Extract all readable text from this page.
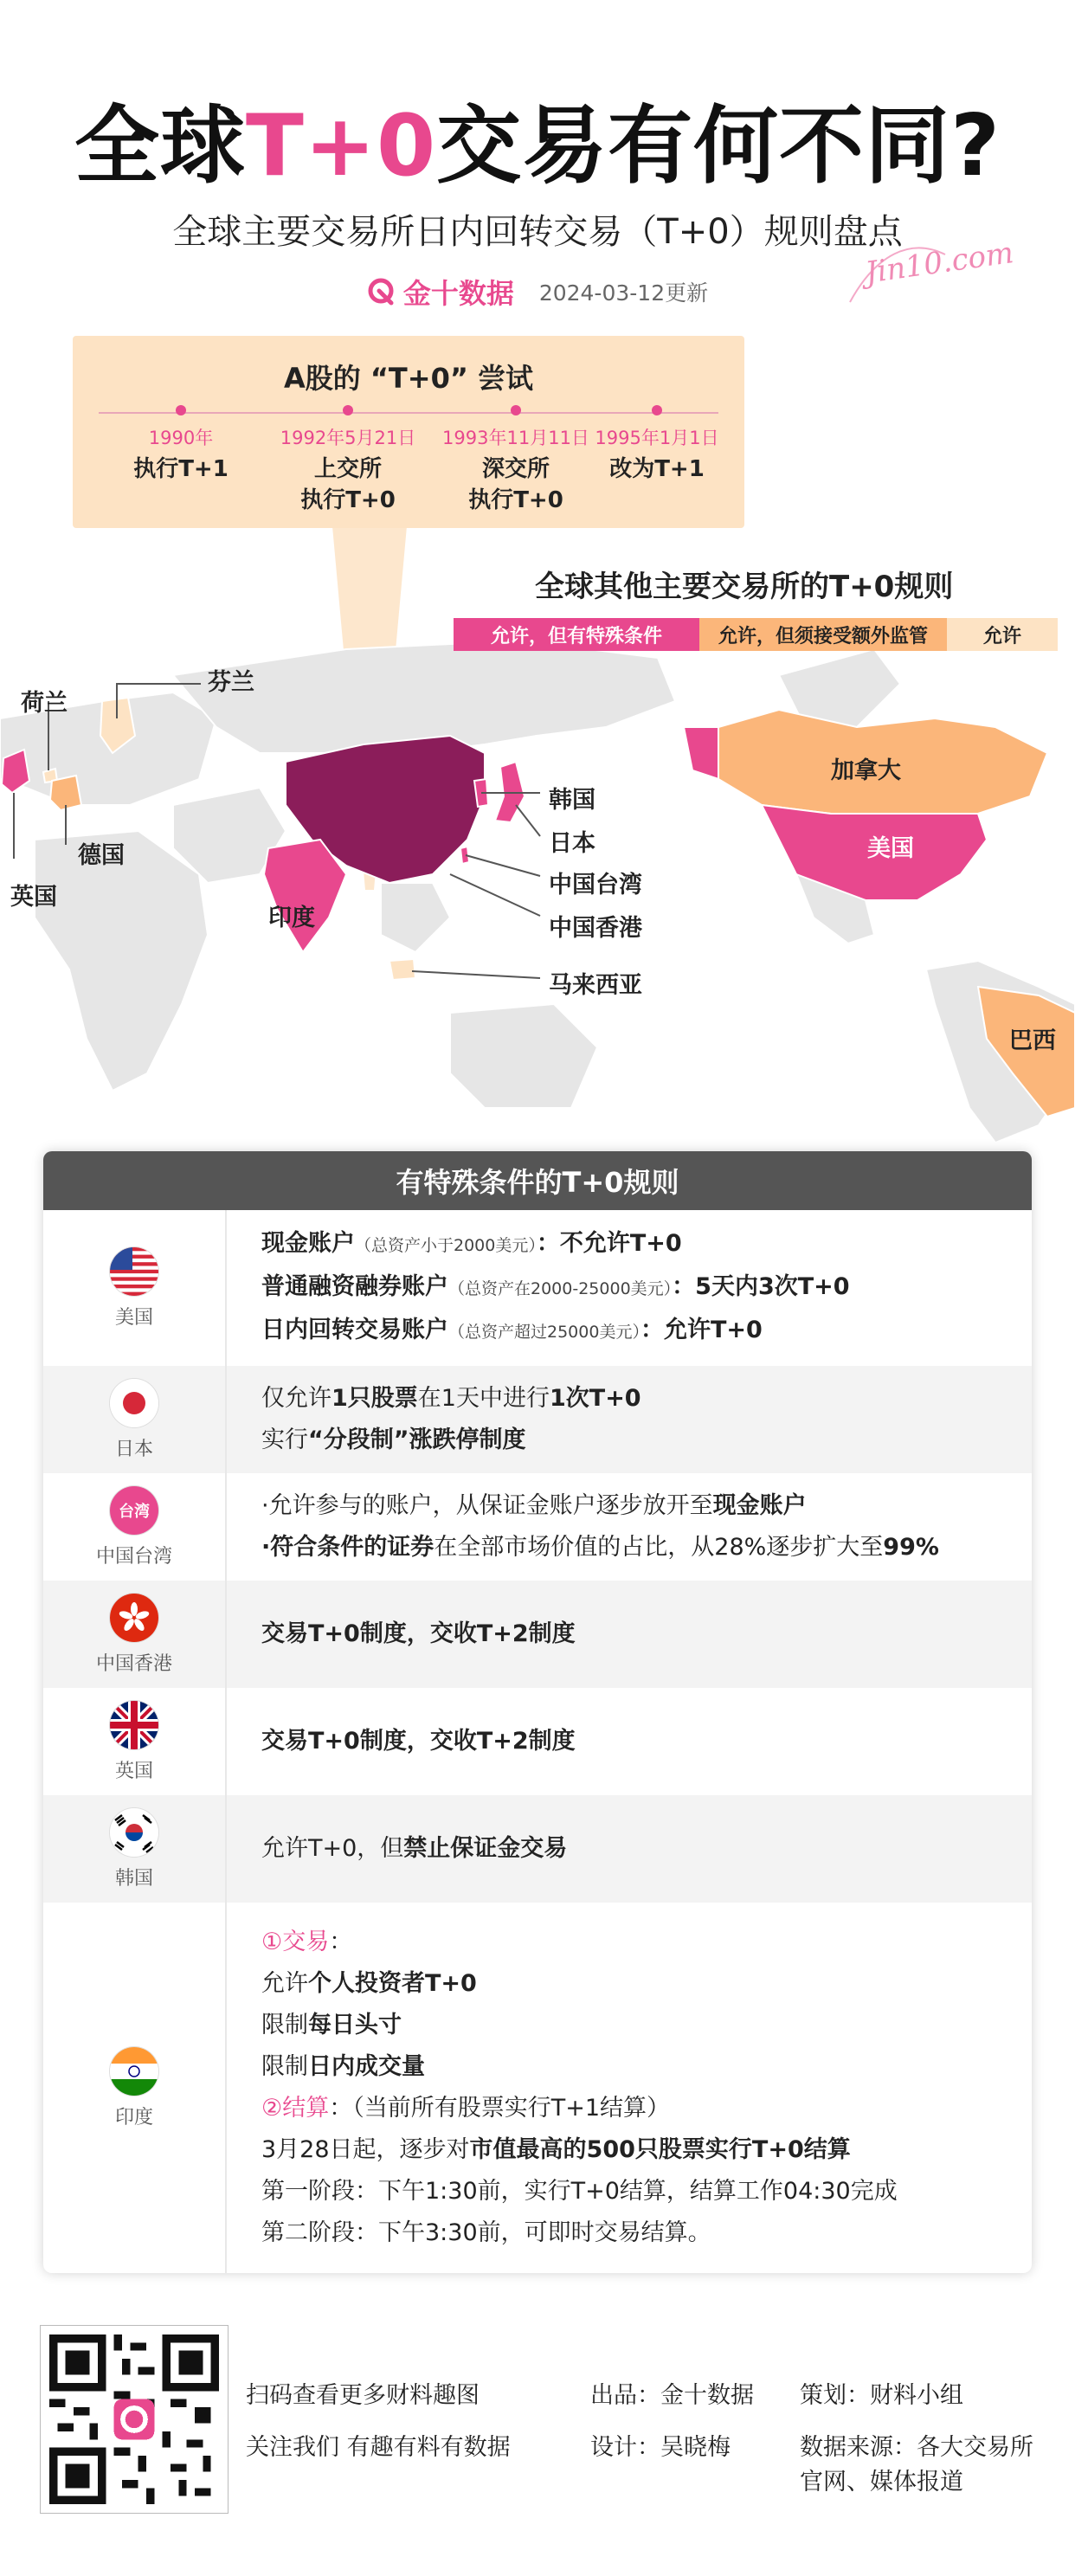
全球T+0交易有何不同?
全球主要交易所日内回转交易（T+0）规则盘点
Jin10.com
金十数据 2024-03-12更新
A股的 “T+0” 尝试
1990年
执行T+1
1992年5月21日
上交所
执行T+0
1993年11月11日
深交所
执行T+0
1995年1月1日
改为T+1
全球其他主要交易所的T+0规则
允许，但有特殊条件	允许，但须接受额外监管	允许
芬兰
荷兰
德国
英国
印度
韩国
日本
中国台湾
中国香港
马来西亚
加拿大
美国
巴西
有特殊条件的T+0规则
美国
现金账户（总资产小于2000美元）：不允许T+0
普通融资融券账户（总资产在2000-25000美元）：5天内3次T+0
日内回转交易账户（总资产超过25000美元）：允许T+0
日本
仅允许1只股票在1天中进行1次T+0
实行“分段制”涨跌停制度
台湾
中国台湾
·允许参与的账户，从保证金账户逐步放开至现金账户
·符合条件的证券在全部市场价值的占比，从28%逐步扩大至99%
中国香港
交易T+0制度，交收T+2制度
英国
交易T+0制度，交收T+2制度
韩国
允许T+0，但禁止保证金交易
印度
①交易：
允许个人投资者T+0
限制每日头寸
限制日内成交量
②结算：（当前所有股票实行T+1结算）
3月28日起，逐步对市值最高的500只股票实行T+0结算
第一阶段：下午1:30前，实行T+0结算，结算工作04:30完成
第二阶段：下午3:30前，可即时交易结算。
扫码查看更多财料趣图
关注我们 有趣有料有数据
出品：金十数据
设计：吴晓梅
策划：财料小组
数据来源：各大交易所
官网、媒体报道
